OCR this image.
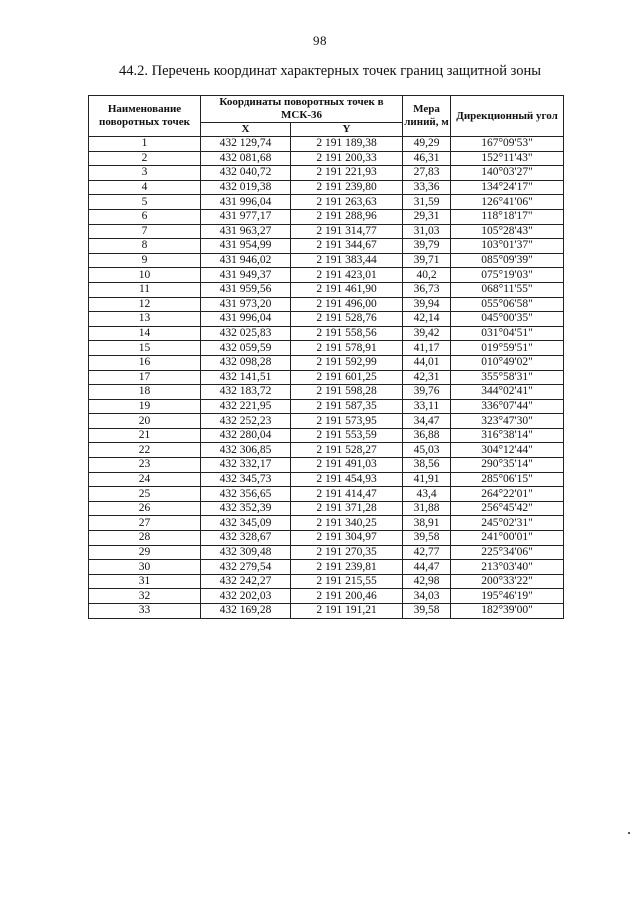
98
44.2. Перечень координат характерных точек границ защитной зоны
Наименование поворотных точек	Координаты поворотных точек в МСК-36		Мера линий, м	Дирекционный угол
	X	Y		
1	432 129,74	2 191 189,38	49,29	167°09'53"
2	432 081,68	2 191 200,33	46,31	152°11'43"
3	432 040,72	2 191 221,93	27,83	140°03'27"
4	432 019,38	2 191 239,80	33,36	134°24'17"
5	431 996,04	2 191 263,63	31,59	126°41'06"
6	431 977,17	2 191 288,96	29,31	118°18'17"
7	431 963,27	2 191 314,77	31,03	105°28'43"
8	431 954,99	2 191 344,67	39,79	103°01'37"
9	431 946,02	2 191 383,44	39,71	085°09'39"
10	431 949,37	2 191 423,01	40,2	075°19'03"
11	431 959,56	2 191 461,90	36,73	068°11'55"
12	431 973,20	2 191 496,00	39,94	055°06'58"
13	431 996,04	2 191 528,76	42,14	045°00'35"
14	432 025,83	2 191 558,56	39,42	031°04'51"
15	432 059,59	2 191 578,91	41,17	019°59'51"
16	432 098,28	2 191 592,99	44,01	010°49'02"
17	432 141,51	2 191 601,25	42,31	355°58'31"
18	432 183,72	2 191 598,28	39,76	344°02'41"
19	432 221,95	2 191 587,35	33,11	336°07'44"
20	432 252,23	2 191 573,95	34,47	323°47'30"
21	432 280,04	2 191 553,59	36,88	316°38'14"
22	432 306,85	2 191 528,27	45,03	304°12'44"
23	432 332,17	2 191 491,03	38,56	290°35'14"
24	432 345,73	2 191 454,93	41,91	285°06'15"
25	432 356,65	2 191 414,47	43,4	264°22'01"
26	432 352,39	2 191 371,28	31,88	256°45'42"
27	432 345,09	2 191 340,25	38,91	245°02'31"
28	432 328,67	2 191 304,97	39,58	241°00'01"
29	432 309,48	2 191 270,35	42,77	225°34'06"
30	432 279,54	2 191 239,81	44,47	213°03'40"
31	432 242,27	2 191 215,55	42,98	200°33'22"
32	432 202,03	2 191 200,46	34,03	195°46'19"
33	432 169,28	2 191 191,21	39,58	182°39'00"
